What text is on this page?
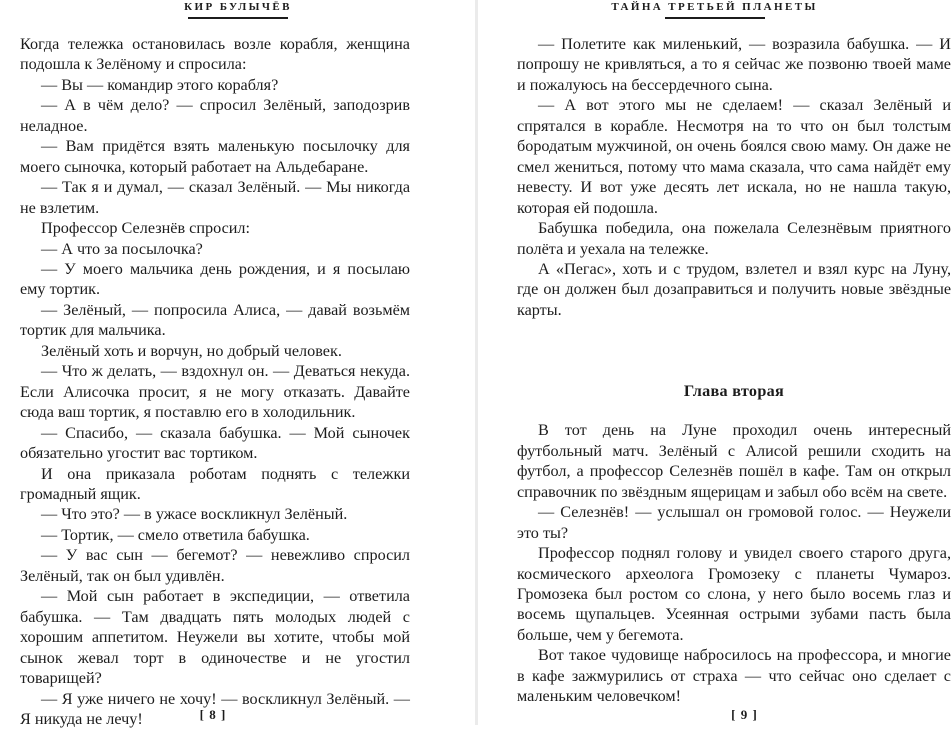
КИР БУЛЫЧЁВ

Когда тележка остановилась возле корабля, женщина подошла к Зелёному и спросила:

— Вы — командир этого корабля?

— А в чём дело? — спросил Зелёный, заподозрив неладное.

— Вам придётся взять маленькую посылочку для моего сыночка, который работает на Альдебаране.

— Так я и думал, — сказал Зелёный. — Мы никогда не взлетим.

Профессор Селезнёв спросил:

— А что за посылочка?

— У моего мальчика день рождения, и я посылаю ему тортик.

— Зелёный, — попросила Алиса, — давай возьмём тортик для мальчика.

Зелёный хоть и ворчун, но добрый человек.

— Что ж делать, — вздохнул он. — Деваться некуда. Если Алисочка просит, я не могу отказать. Давайте сюда ваш тортик, я поставлю его в холодильник.

— Спасибо, — сказала бабушка. — Мой сыночек обязательно угостит вас тортиком.

И она приказала роботам поднять с тележки громадный ящик.

— Что это? — в ужасе воскликнул Зелёный.

— Тортик, — смело ответила бабушка.

— У вас сын — бегемот? — невежливо спросил Зелёный, так он был удивлён.

— Мой сын работает в экспедиции, — ответила бабушка. — Там двадцать пять молодых людей с хорошим аппетитом. Неужели вы хотите, чтобы мой сынок жевал торт в одиночестве и не угостил товарищей?

— Я уже ничего не хочу! — воскликнул Зелёный. — Я никуда не лечу!	[ 8 ]
ТАЙНА ТРЕТЬЕЙ ПЛАНЕТЫ

— Полетите как миленький, — возразила бабушка. — И попрошу не кривляться, а то я сейчас же позвоню твоей маме и пожалуюсь на бессердечного сына.

— А вот этого мы не сделаем! — сказал Зелёный и спрятался в корабле. Несмотря на то что он был толстым бородатым мужчиной, он очень боялся свою маму. Он даже не смел жениться, потому что мама сказала, что сама найдёт ему невесту. И вот уже десять лет искала, но не нашла такую, которая ей подошла.

Бабушка победила, она пожелала Селезнёвым приятного полёта и уехала на тележке.

А «Пегас», хоть и с трудом, взлетел и взял курс на Луну, где он должен был дозаправиться и получить новые звёздные карты.

Глава вторая

В тот день на Луне проходил очень интересный футбольный матч. Зелёный с Алисой решили сходить на футбол, а профессор Селезнёв пошёл в кафе. Там он открыл справочник по звёздным ящерицам и забыл обо всём на свете.

— Селезнёв! — услышал он громовой голос. — Неужели это ты?

Профессор поднял голову и увидел своего старого друга, космического археолога Громозеку с планеты Чумароз. Громозека был ростом со слона, у него было восемь глаз и восемь щупальцев. Усеянная острыми зубами пасть была больше, чем у бегемота.

Вот такое чудовище набросилось на профессора, и многие в кафе зажмурились от страха — что сейчас оно сделает с маленьким человечком!

[ 9 ]
